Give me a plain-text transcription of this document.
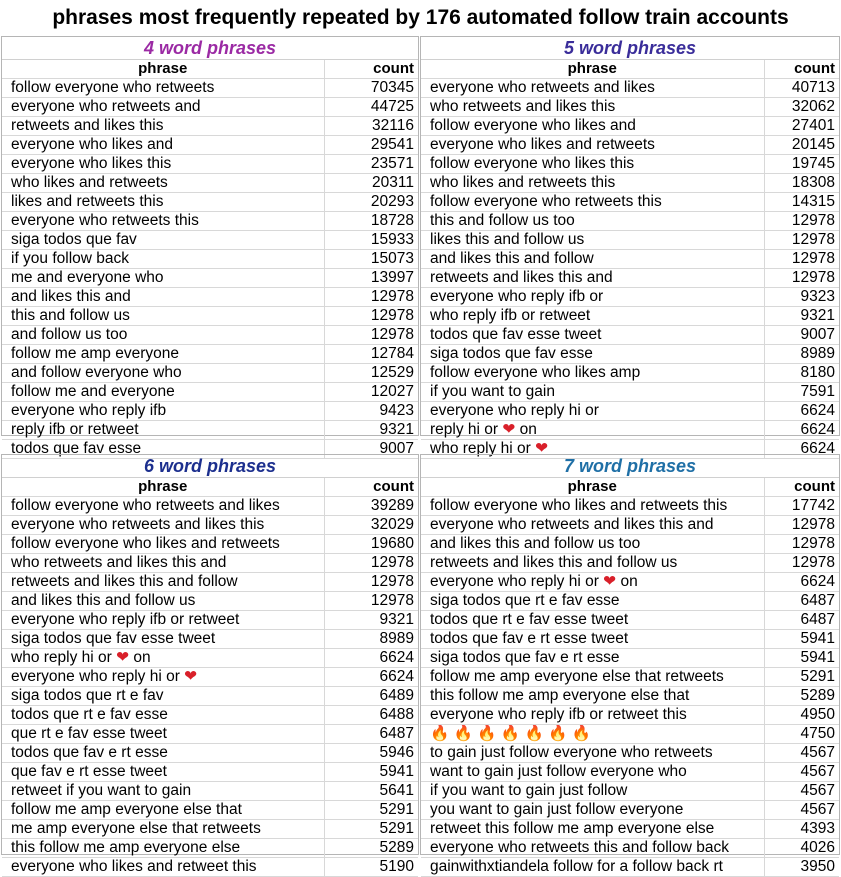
phrases most frequently repeated by 176 automated follow train accounts
4 word phrases
phrase	count
follow everyone who retweets	70345
everyone who retweets and	44725
retweets and likes this	32116
everyone who likes and	29541
everyone who likes this	23571
who likes and retweets	20311
likes and retweets this	20293
everyone who retweets this	18728
siga todos que fav	15933
if you follow back	15073
me and everyone who	13997
and likes this and	12978
this and follow us	12978
and follow us too	12978
follow me amp everyone	12784
and follow everyone who	12529
follow me and everyone	12027
everyone who reply ifb	9423
reply ifb or retweet	9321
todos que fav esse	9007
5 word phrases
phrase	count
everyone who retweets and likes	40713
who retweets and likes this	32062
follow everyone who likes and	27401
everyone who likes and retweets	20145
follow everyone who likes this	19745
who likes and retweets this	18308
follow everyone who retweets this	14315
this and follow us too	12978
likes this and follow us	12978
and likes this and follow	12978
retweets and likes this and	12978
everyone who reply ifb or	9323
who reply ifb or retweet	9321
todos que fav esse tweet	9007
siga todos que fav esse	8989
follow everyone who likes amp	8180
if you want to gain	7591
everyone who reply hi or	6624
reply hi or ❤ on	6624
who reply hi or ❤	6624
6 word phrases
phrase	count
follow everyone who retweets and likes	39289
everyone who retweets and likes this	32029
follow everyone who likes and retweets	19680
who retweets and likes this and	12978
retweets and likes this and follow	12978
and likes this and follow us	12978
everyone who reply ifb or retweet	9321
siga todos que fav esse tweet	8989
who reply hi or ❤ on	6624
everyone who reply hi or ❤	6624
siga todos que rt e fav	6489
todos que rt e fav esse	6488
que rt e fav esse tweet	6487
todos que fav e rt esse	5946
que fav e rt esse tweet	5941
retweet if you want to gain	5641
follow me amp everyone else that	5291
me amp everyone else that retweets	5291
this follow me amp everyone else	5289
everyone who likes and retweet this	5190
7 word phrases
phrase	count
follow everyone who likes and retweets this	17742
everyone who retweets and likes this and	12978
and likes this and follow us too	12978
retweets and likes this and follow us	12978
everyone who reply hi or ❤ on	6624
siga todos que rt e fav esse	6487
todos que rt e fav esse tweet	6487
todos que fav e rt esse tweet	5941
siga todos que fav e rt esse	5941
follow me amp everyone else that retweets	5291
this follow me amp everyone else that	5289
everyone who reply ifb or retweet this	4950
🔥 🔥 🔥 🔥 🔥 🔥 🔥	4750
to gain just follow everyone who retweets	4567
want to gain just follow everyone who	4567
if you want to gain just follow	4567
you want to gain just follow everyone	4567
retweet this follow me amp everyone else	4393
everyone who retweets this and follow back	4026
gainwithxtiandela follow for a follow back rt	3950
